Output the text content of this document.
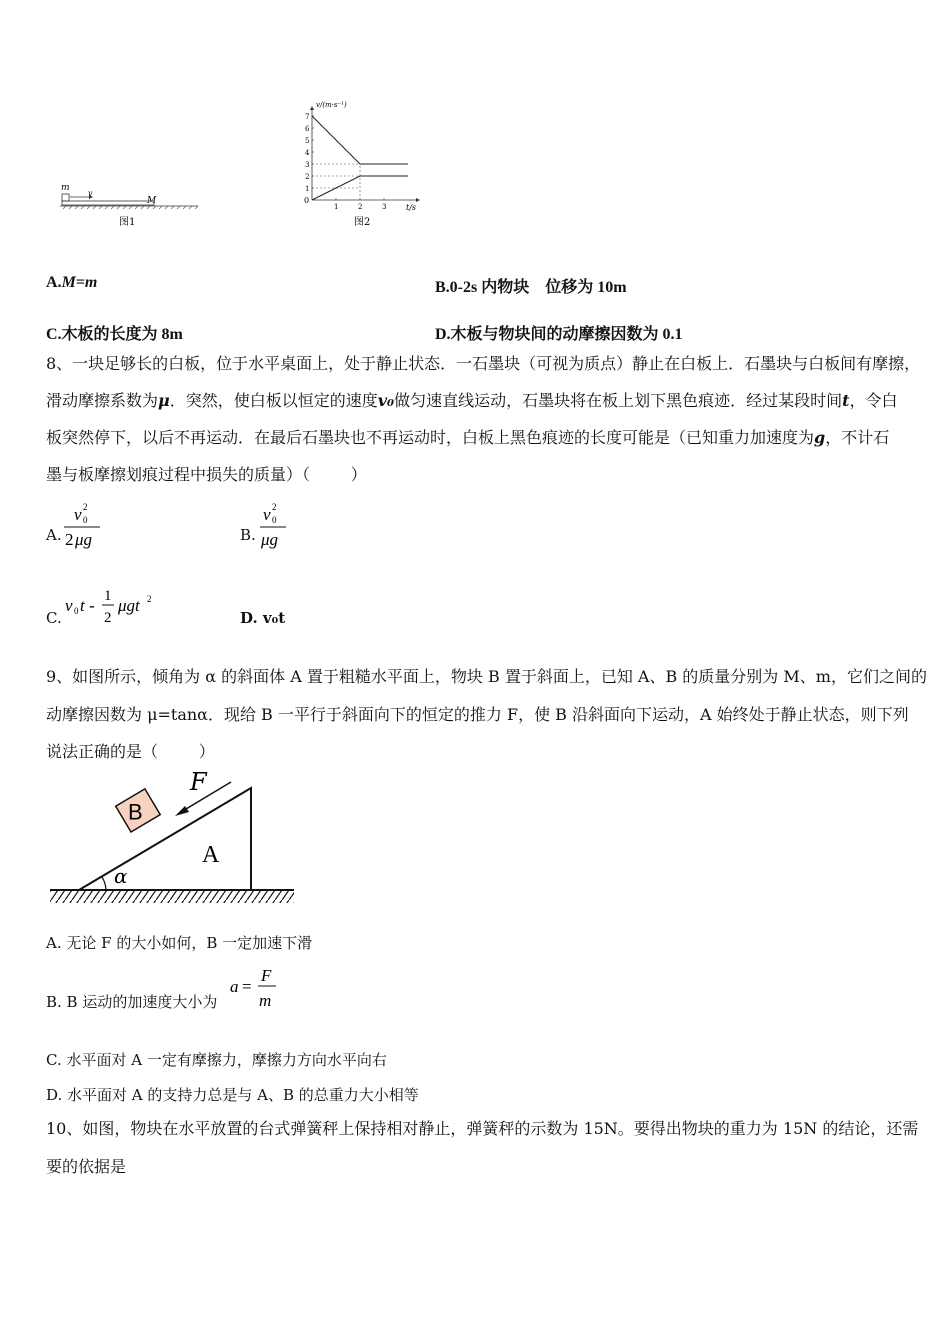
m
v
M
图1
v/(m·s⁻¹)
t/s
0
图2
1
2
3
4
5
6
7
1	2	3
A.M=m	B.0-2s 内物块    位移为 10m
C.木板的长度为 8m	D.木板与物块间的动摩擦因数为 0.1
8、一块足够长的白板，位于水平桌面上，处于静止状态．一石墨块（可视为质点）静止在白板上．石墨块与白板间有摩擦，
滑动摩擦系数为μ．突然，使白板以恒定的速度v₀做匀速直线运动，石墨块将在板上划下黑色痕迹．经过某段时间t，令白
板突然停下，以后不再运动．在最后石墨块也不再运动时，白板上黑色痕迹的长度可能是（已知重力加速度为g，不计石
墨与板摩擦划痕过程中损失的质量）（        ）
A.
v 0
2
2 μg	B.
v 0
2
μg
C.
v 0 t - 1
2
μgt 2
D. v₀t
9、如图所示，倾角为 α 的斜面体 A 置于粗糙水平面上，物块 B 置于斜面上，已知 A、B 的质量分别为 M、m，它们之间的
动摩擦因数为 μ=tanα．现给 B 一平行于斜面向下的恒定的推力 F，使 B 沿斜面向下运动，A 始终处于静止状态，则下列
说法正确的是（        ）
B
F
A
α
A. 无论 F 的大小如何，B 一定加速下滑
B. B 运动的加速度大小为
a =
F
m
C. 水平面对 A 一定有摩擦力，摩擦力方向水平向右
D. 水平面对 A 的支持力总是与 A、B 的总重力大小相等
10、如图，物块在水平放置的台式弹簧秤上保持相对静止，弹簧秤的示数为 15N。要得出物块的重力为 15N 的结论，还需
要的依据是
